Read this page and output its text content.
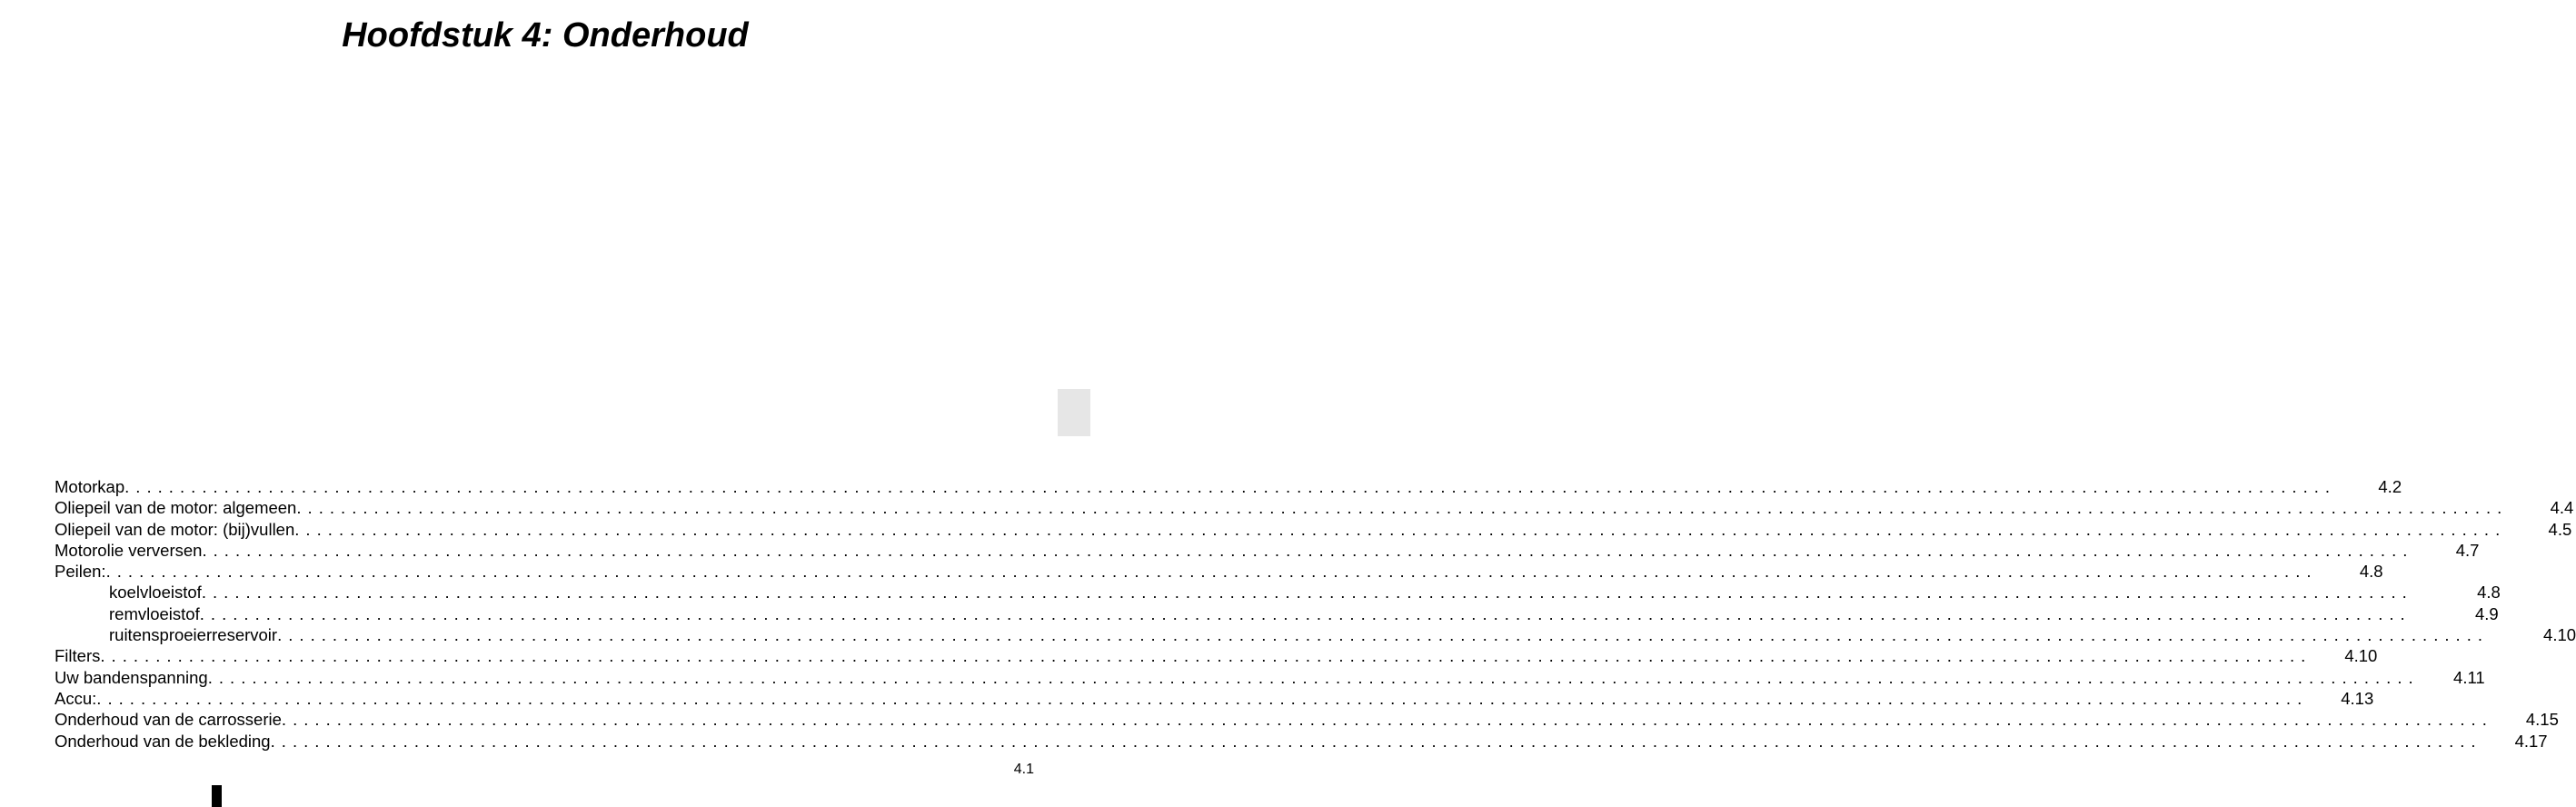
Hoofdstuk 4: Onderhoud
Motorkap ........................................................................................................................................................................................................	4.2
Oliepeil van de motor: algemeen ........................................................................................................................................................................................................	4.4
Oliepeil van de motor: (bij)vullen ........................................................................................................................................................................................................	4.5
Motorolie verversen ........................................................................................................................................................................................................	4.7
Peilen: ........................................................................................................................................................................................................	4.8
koelvloeistof ........................................................................................................................................................................................................	4.8
remvloeistof ........................................................................................................................................................................................................	4.9
ruitensproeierreservoir ........................................................................................................................................................................................................	4.10
Filters ........................................................................................................................................................................................................	4.10
Uw bandenspanning ........................................................................................................................................................................................................	4.11
Accu: ........................................................................................................................................................................................................	4.13
Onderhoud van de carrosserie ........................................................................................................................................................................................................	4.15
Onderhoud van de bekleding ........................................................................................................................................................................................................	4.17
4.1
